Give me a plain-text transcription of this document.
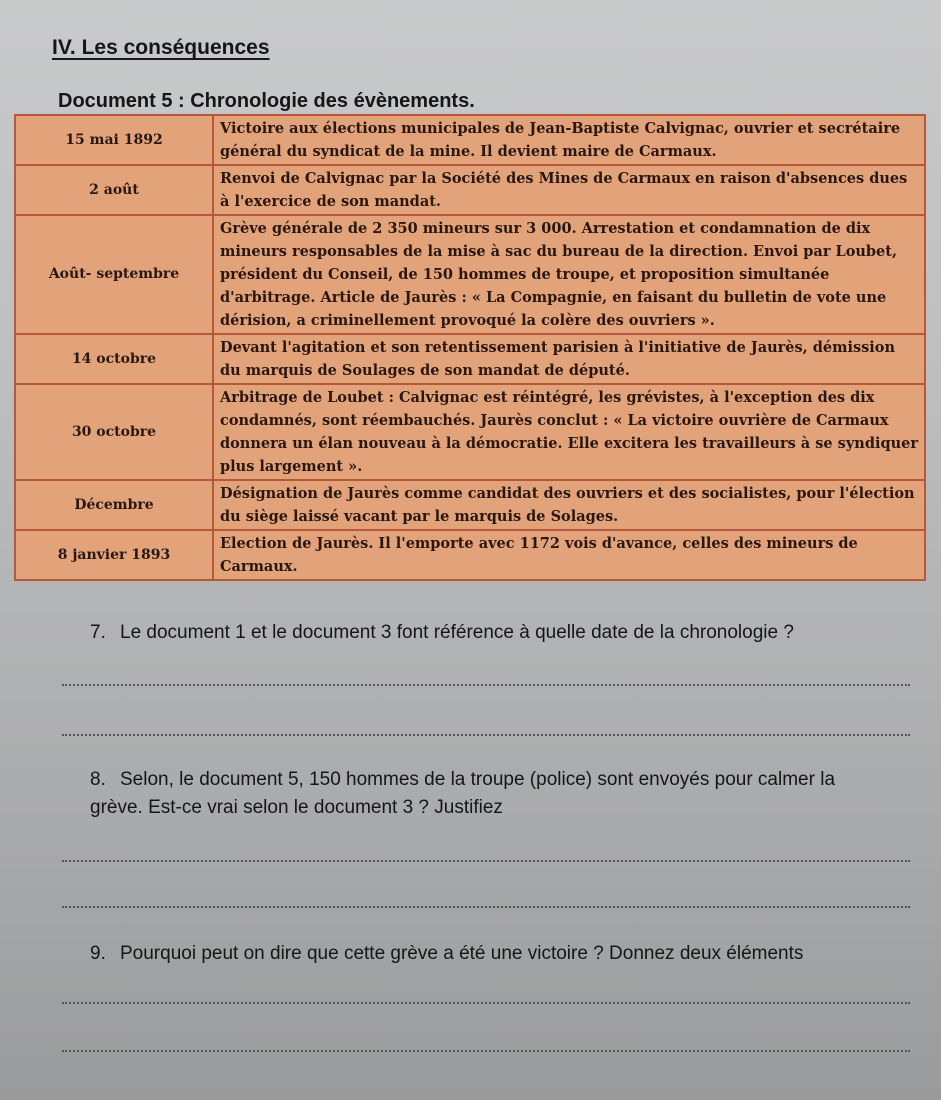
IV. Les conséquences
Document 5 : Chronologie des évènements.
15 mai 1892	Victoire aux élections municipales de Jean-Baptiste Calvignac, ouvrier et secrétaire général du syndicat de la mine. Il devient maire de Carmaux.
2 août	Renvoi de Calvignac par la Société des Mines de Carmaux en raison d'absences dues à l'exercice de son mandat.
Août- septembre	Grève générale de 2 350 mineurs sur 3 000. Arrestation et condamnation de dix mineurs responsables de la mise à sac du bureau de la direction. Envoi par Loubet, président du Conseil, de 150 hommes de troupe, et proposition simultanée d'arbitrage. Article de Jaurès : « La Compagnie, en faisant du bulletin de vote une dérision, a criminellement provoqué la colère des ouvriers ».
14 octobre	Devant l'agitation et son retentissement parisien à l'initiative de Jaurès, démission du marquis de Soulages de son mandat de député.
30 octobre	Arbitrage de Loubet : Calvignac est réintégré, les grévistes, à l'exception des dix condamnés, sont réembauchés. Jaurès conclut : « La victoire ouvrière de Carmaux donnera un élan nouveau à la démocratie. Elle excitera les travailleurs à se syndiquer plus largement ».
Décembre	Désignation de Jaurès comme candidat des ouvriers et des socialistes, pour l'élection du siège laissé vacant par le marquis de Solages.
8 janvier 1893	Election de Jaurès. Il l'emporte avec 1172 vois d'avance, celles des mineurs de Carmaux.

7. Le document 1 et le document 3 font référence à quelle date de la chronologie ?

8. Selon, le document 5, 150 hommes de la troupe (police) sont envoyés pour calmer la grève. Est-ce vrai selon le document 3 ? Justifiez

9. Pourquoi peut on dire que cette grève a été une victoire ? Donnez deux éléments
